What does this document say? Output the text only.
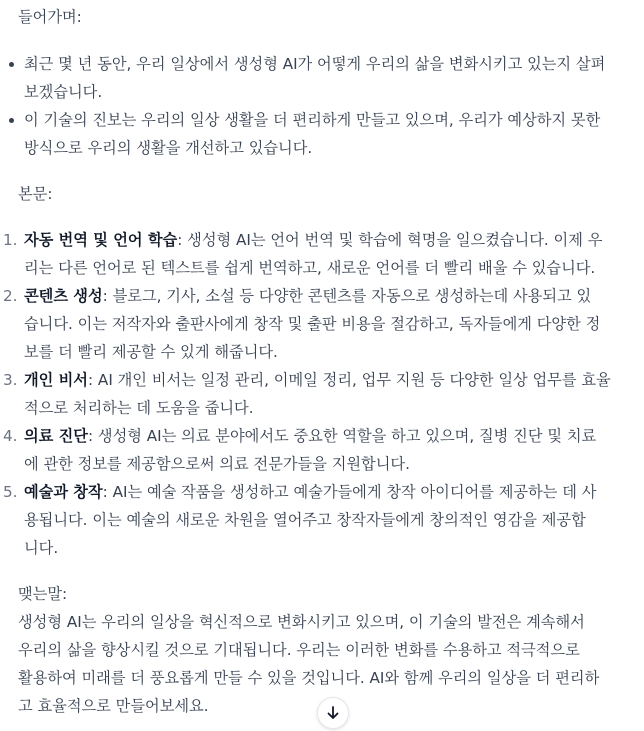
들어가며:

최근 몇 년 동안, 우리 일상에서 생성형 AI가 어떻게 우리의 삶을 변화시키고 있는지 살펴
보겠습니다.
이 기술의 진보는 우리의 일상 생활을 더 편리하게 만들고 있으며, 우리가 예상하지 못한
방식으로 우리의 생활을 개선하고 있습니다.

본문:

1. 자동 번역 및 언어 학습: 생성형 AI는 언어 번역 및 학습에 혁명을 일으켰습니다. 이제 우
리는 다른 언어로 된 텍스트를 쉽게 번역하고, 새로운 언어를 더 빨리 배울 수 있습니다.
2. 콘텐츠 생성: 블로그, 기사, 소설 등 다양한 콘텐츠를 자동으로 생성하는데 사용되고 있
습니다. 이는 저작자와 출판사에게 창작 및 출판 비용을 절감하고, 독자들에게 다양한 정
보를 더 빨리 제공할 수 있게 해줍니다.
3. 개인 비서: AI 개인 비서는 일정 관리, 이메일 정리, 업무 지원 등 다양한 일상 업무를 효율
적으로 처리하는 데 도움을 줍니다.
4. 의료 진단: 생성형 AI는 의료 분야에서도 중요한 역할을 하고 있으며, 질병 진단 및 치료
에 관한 정보를 제공함으로써 의료 전문가들을 지원합니다.
5. 예술과 창작: AI는 예술 작품을 생성하고 예술가들에게 창작 아이디어를 제공하는 데 사
용됩니다. 이는 예술의 새로운 차원을 열어주고 창작자들에게 창의적인 영감을 제공합
니다.

맺는말:

생성형 AI는 우리의 일상을 혁신적으로 변화시키고 있으며, 이 기술의 발전은 계속해서
우리의 삶을 향상시킬 것으로 기대됩니다. 우리는 이러한 변화를 수용하고 적극적으로
활용하여 미래를 더 풍요롭게 만들 수 있을 것입니다. AI와 함께 우리의 일상을 더 편리하
고 효율적으로 만들어보세요.
